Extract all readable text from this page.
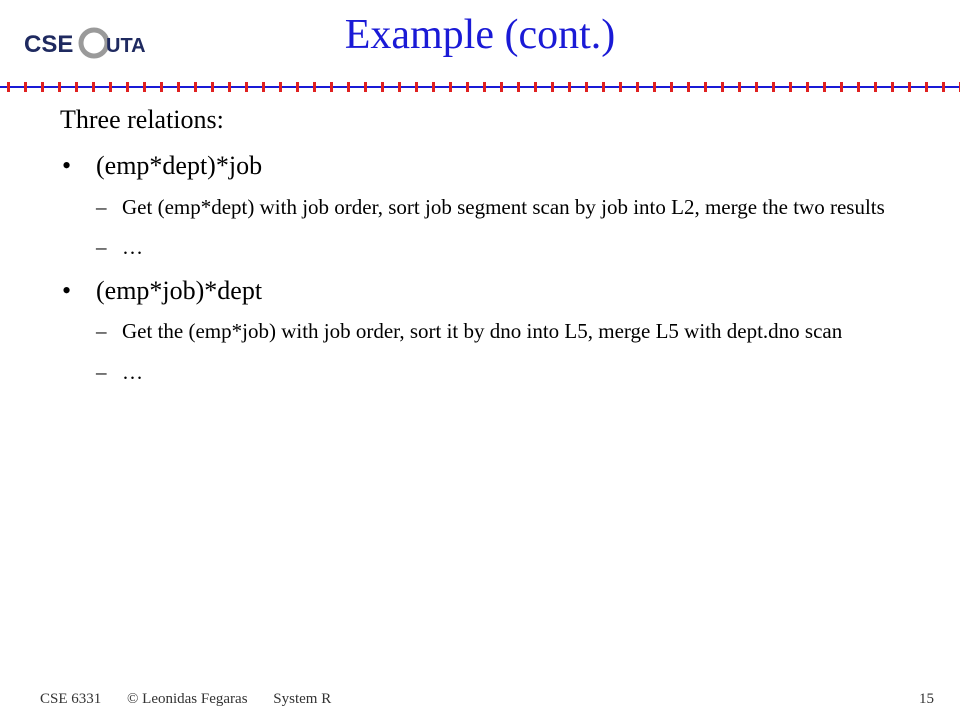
CSE UTA	Example (cont.)

Three relations:

• (emp*dept)*job
– Get (emp*dept) with job order, sort job segment scan by job into L2, merge the two results
– …
• (emp*job)*dept
– Get the (emp*job) with job order, sort it by dno into L5, merge L5 with dept.dno scan
– …
CSE 6331 © Leonidas Fegaras System R	15
